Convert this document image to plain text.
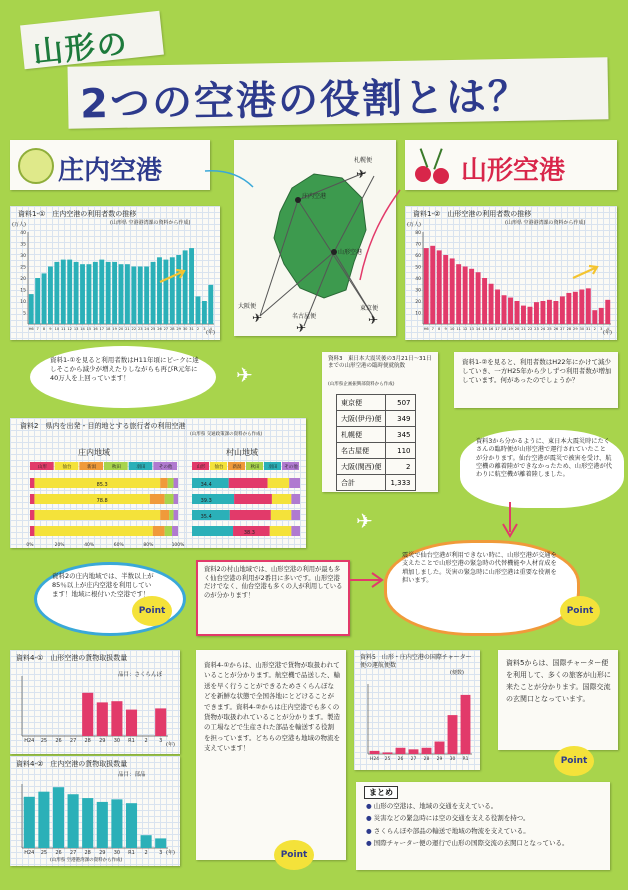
山形の
2つの空港の役割とは？
庄内空港	山形空港
庄内空港
山形空港
札幌便
大阪便
名古屋便
東京便
✈
✈
✈
✈
資料1-①　庄内空港の利用者数の推移
(山形県 空港港湾課の資料から作成)
(万人)
40
35
30
25
20
15
10
5
H6 7 8 9 10 11 12 13 14 15 16 17 18 19 20 21 22 23 24 25 26 27 28 29 30 31 2 3 4
(年)
資料1-②　山形空港の利用者数の推移
(山形県 空港港湾課の資料から作成)
(万人)
80
70
60
50
40
30
20
10
H6 7 8 9 10 11 12 13 14 15 16 17 18 19 20 21 22 23 24 25 26 27 28 29 30 31 2 3 4
(年)
資料1-①を見ると利用者数はH11年頃にピークに達しそこから減少が増えたりしながらも再びR元年に40万人を上回っています！	✈
資料3　東日本大震災後の3月21日〜31日までの山形空港の臨時便就航数
(山形県企画振興部資料から作成)
東京便	507
大阪(伊丹)便	349
札幌便	345
名古屋便	110
大阪(関西)便	2
合計	1,333
資料1-②を見ると、利用者数はH22年にかけて減少していき、一方H25年から少しずつ利用者数が増加しています。何があったのでしょうか？
資料2　県内を出発・目的地とする旅行者の利用空港
庄内地域
山形	仙台	新潟	秋田	羽田	その他
85.3
78.8
0%	20%	40%	60%	80%	100%
(山形県 交通政策課の資料から作成)
村山地域
山形 仙台 新潟 秋田 羽田 その他
34.4
39.3
35.4
38.3	✈
資料3から分かるように、東日本大震災時にたくさんの臨時便が山形空港で運行されていたことが分かります。仙台空港が震災で被害を受け、航空機の離着陸ができなかったため、山形空港が代わりに航空機が離着陸しました。
資料2の庄内地域では、半数以上が85％以上が庄内空港を利用しています！地域に根付いた空港です！
Point
資料2の村山地域では、山形空港の利用が最も多く仙台空港の利用が2番目に多いです。山形空港だけでなく、仙台空港も多くの人が利用しているのが分かります！
震災で仙台空港が利用できない時に、山形空港が交通を支えたことで山形空港の緊急時の代替機能や人材育成を増加しました。災害の緊急時に山形空港は重要な役割を担います。
Point
資料4-①　山形空港の貨物取扱数量
品目：さくらんぼ
H24 25 26 27 28 29 30 R1 2 3
(年)
資料4-②　庄内空港の貨物取扱数量
品目：部品
H24 25 26 27 28 29 30 R1 2 3 (年)
(山形県 空港港湾課の資料から作成)
資料4-①からは、山形空港で貨物が取扱われていることが分かります。航空機で品送した、輸送を早く行うことができるためさくらんぼなどを新鮮な状態で全国各地にとどけることができます。資料4-②からは庄内空港でも多くの貨物が取扱われていることが分かります。製造の工場などで生産された部品を輸送する役割を担っています。どちらの空港も地域の物流を支えています！
Point
資料5　山形・庄内空港の国際チャーター便の運航便数
(便数)
H24 25 26 27 28 29 30 R1
資料5からは、国際チャーター便を利用して、多くの旅客が山形に来たことが分かります。国際交流の玄関口となっています。
Point
まとめ
● 山形の空港は、地域の交通を支えている。
● 災害などの緊急時には空の交通を支える役割を持つ。
● さくらんぼや部品の輸送で地域の物流を支えている。
● 国際チャーター便の運行で山形の国際交流の玄関口となっている。
